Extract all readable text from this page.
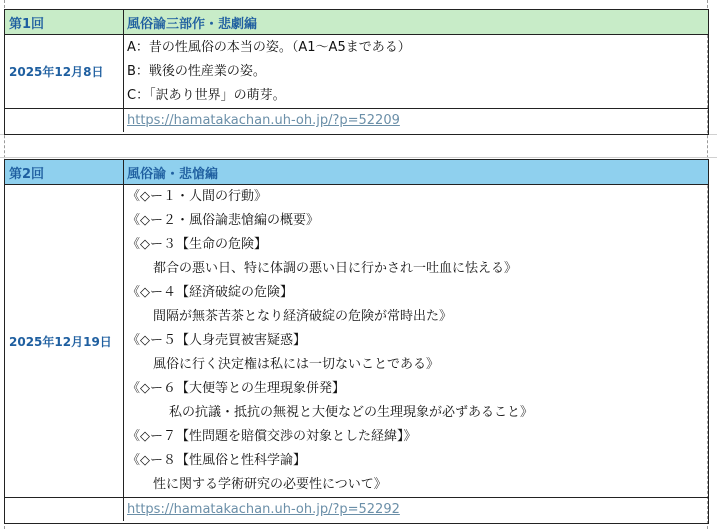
第1回	風俗論三部作・悲劇編
2025年12月8日
A：昔の性風俗の本当の姿。（A1～A5まである）
B：戦後の性産業の姿。
C：「訳あり世界」の萌芽。
https://hamatakachan.uh-oh.jp/?p=52209
第2回	風俗論・悲愴編
2025年12月19日
《◇ー１・人間の行動》
《◇ー２・風俗論悲愴編の概要》
《◇ー３【生命の危険】
都合の悪い日、特に体調の悪い日に行かされ一吐血に怯える》
《◇ー４【経済破綻の危険】
間隔が無茶苦茶となり経済破綻の危険が常時出た》
《◇ー５【人身売買被害疑惑】
風俗に行く決定権は私には一切ないことである》
《◇ー６【大便等との生理現象併発】
私の抗議・抵抗の無視と大便などの生理現象が必ずあること》
《◇ー７【性問題を賠償交渉の対象とした経緯】》
《◇ー８【性風俗と性科学論】
性に関する学術研究の必要性について》
https://hamatakachan.uh-oh.jp/?p=52292
